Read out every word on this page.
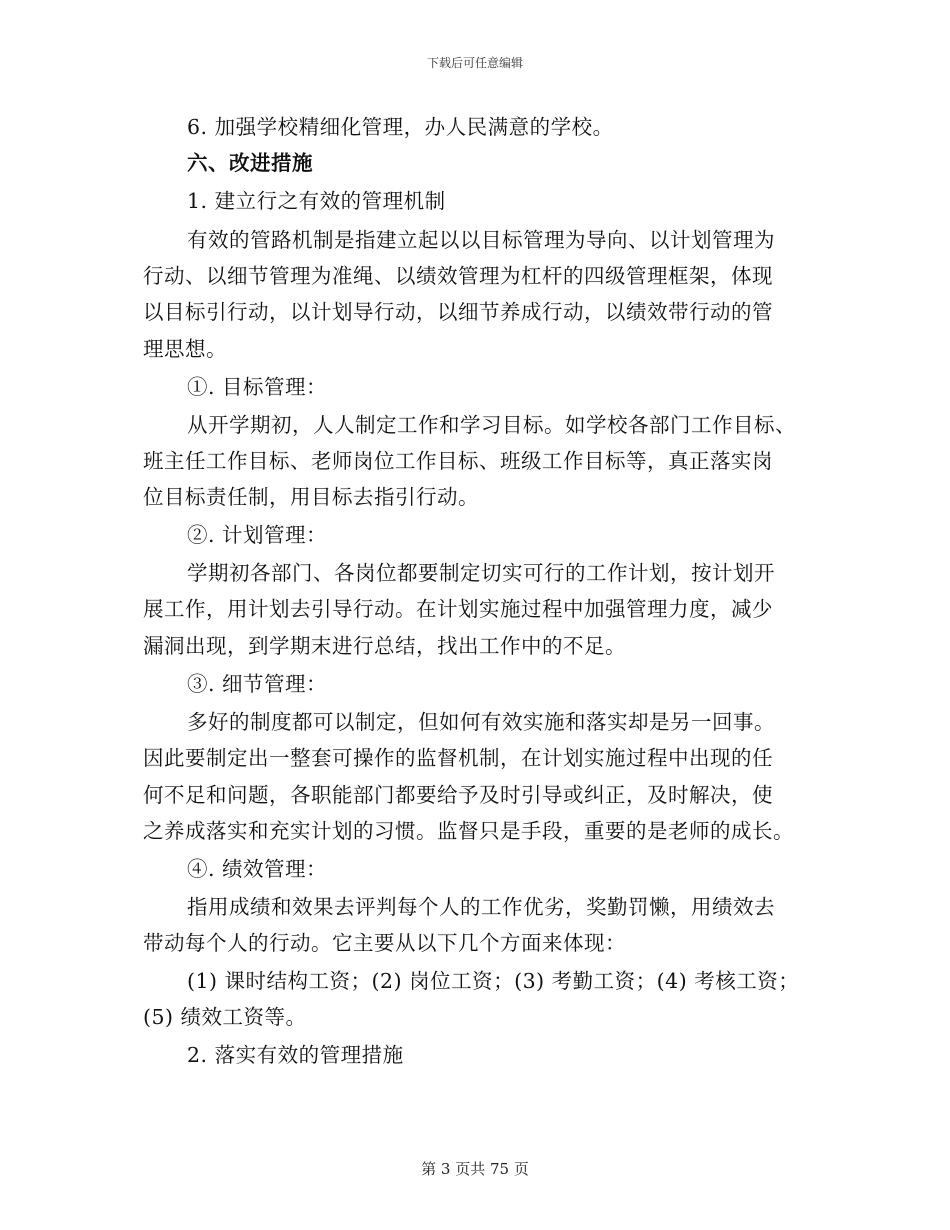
下载后可任意编辑
6. 加强学校精细化管理，办人民满意的学校。
六、改进措施
1. 建立行之有效的管理机制
有效的管路机制是指建立起以以目标管理为导向、以计划管理为
行动、以细节管理为准绳、以绩效管理为杠杆的四级管理框架，体现
以目标引行动，以计划导行动，以细节养成行动，以绩效带行动的管
理思想。
①. 目标管理：
从开学期初，人人制定工作和学习目标。如学校各部门工作目标、
班主任工作目标、老师岗位工作目标、班级工作目标等，真正落实岗
位目标责任制，用目标去指引行动。
②. 计划管理：
学期初各部门、各岗位都要制定切实可行的工作计划，按计划开
展工作，用计划去引导行动。在计划实施过程中加强管理力度，减少
漏洞出现，到学期末进行总结，找出工作中的不足。
③. 细节管理：
多好的制度都可以制定，但如何有效实施和落实却是另一回事。
因此要制定出一整套可操作的监督机制，在计划实施过程中出现的任
何不足和问题，各职能部门都要给予及时引导或纠正，及时解决，使
之养成落实和充实计划的习惯。监督只是手段，重要的是老师的成长。
④. 绩效管理：
指用成绩和效果去评判每个人的工作优劣，奖勤罚懒，用绩效去
带动每个人的行动。它主要从以下几个方面来体现：
(1) 课时结构工资；(2) 岗位工资；(3) 考勤工资；(4) 考核工资；
(5) 绩效工资等。
2. 落实有效的管理措施
第 3 页共 75 页
